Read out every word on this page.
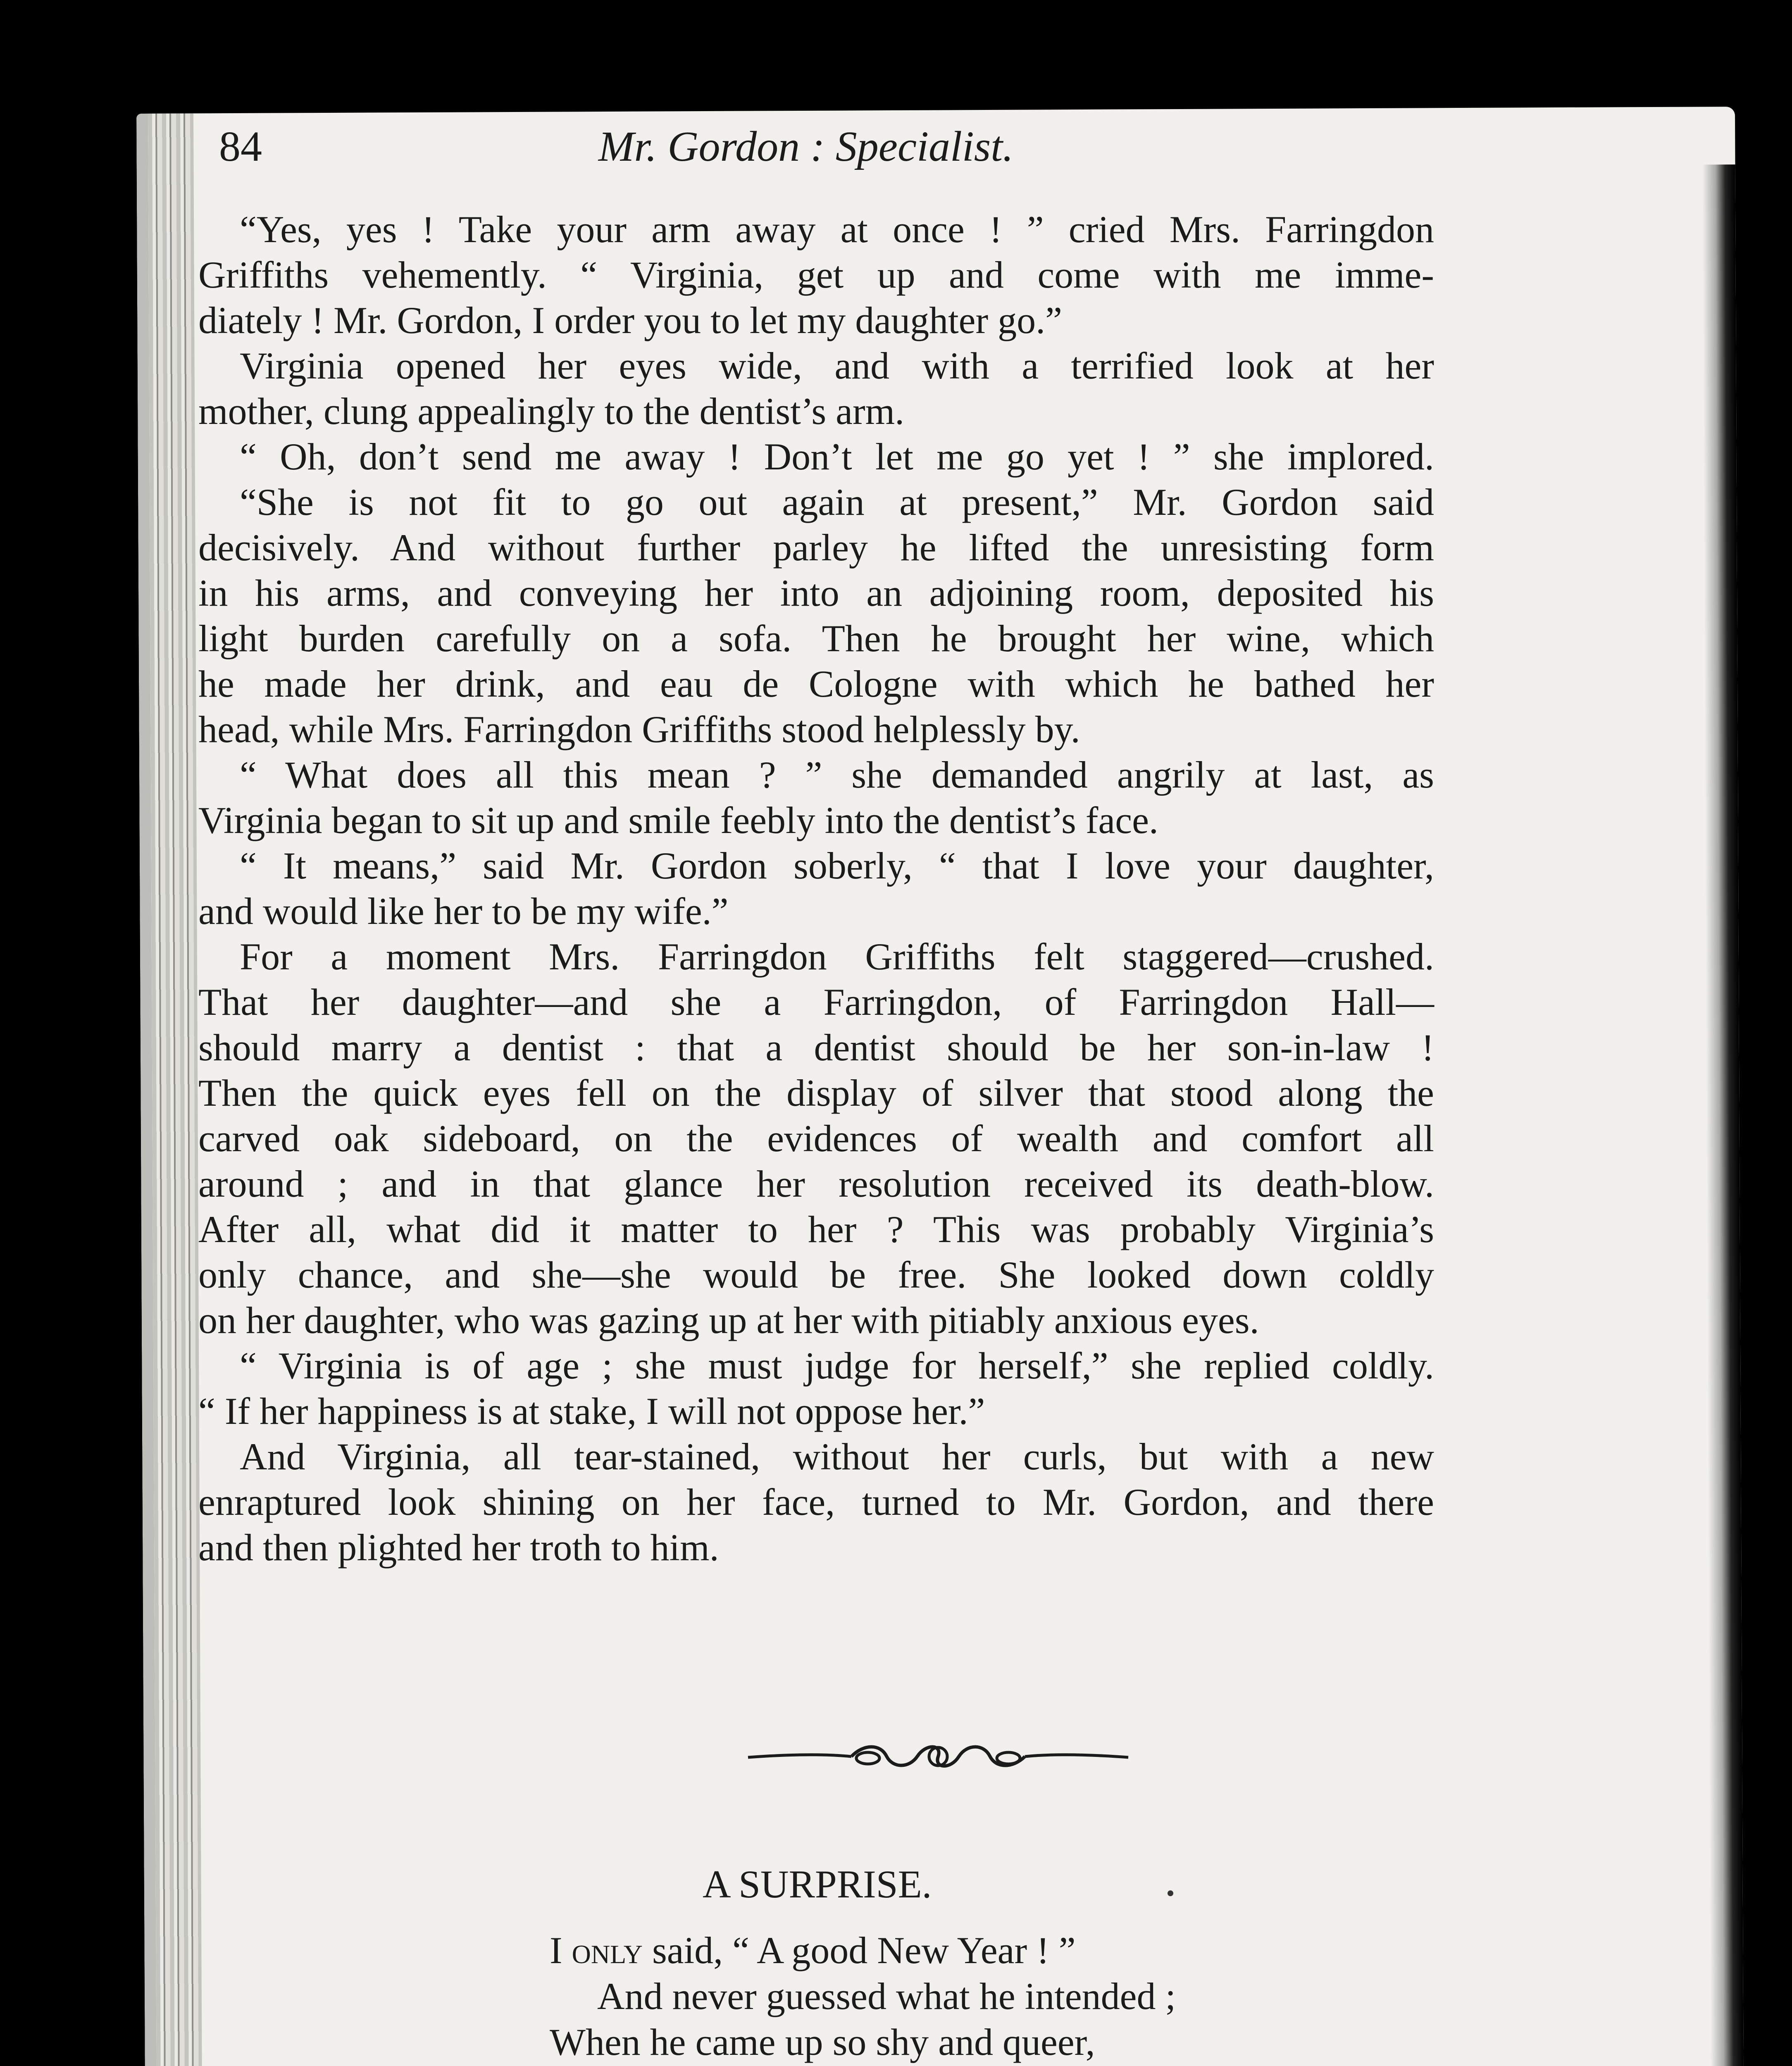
84	Mr. Gordon : Specialist.
“Yes, yes ! Take your arm away at once ! ” cried Mrs. Farringdon
Griffiths vehemently. “ Virginia, get up and come with me imme-
diately ! Mr. Gordon, I order you to let my daughter go.”
Virginia opened her eyes wide, and with a terrified look at her
mother, clung appealingly to the dentist’s arm.
“ Oh, don’t send me away ! Don’t let me go yet ! ” she implored.
“She is not fit to go out again at present,” Mr. Gordon said
decisively. And without further parley he lifted the unresisting form
in his arms, and conveying her into an adjoining room, deposited his
light burden carefully on a sofa. Then he brought her wine, which
he made her drink, and eau de Cologne with which he bathed her
head, while Mrs. Farringdon Griffiths stood helplessly by.
“ What does all this mean ? ” she demanded angrily at last, as
Virginia began to sit up and smile feebly into the dentist’s face.
“ It means,” said Mr. Gordon soberly, “ that I love your daughter,
and would like her to be my wife.”
For a moment Mrs. Farringdon Griffiths felt staggered—crushed.
That her daughter—and she a Farringdon, of Farringdon Hall—
should marry a dentist : that a dentist should be her son-in-law !
Then the quick eyes fell on the display of silver that stood along the
carved oak sideboard, on the evidences of wealth and comfort all
around ; and in that glance her resolution received its death-blow.
After all, what did it matter to her ? This was probably Virginia’s
only chance, and she—she would be free. She looked down coldly
on her daughter, who was gazing up at her with pitiably anxious eyes.
“ Virginia is of age ; she must judge for herself,” she replied coldly.
“ If her happiness is at stake, I will not oppose her.”
And Virginia, all tear-stained, without her curls, but with a new
enraptured look shining on her face, turned to Mr. Gordon, and there
and then plighted her troth to him.
A SURPRISE.
I only said, “ A good New Year ! ”
And never guessed what he intended ;
When he came up so shy and queer,
